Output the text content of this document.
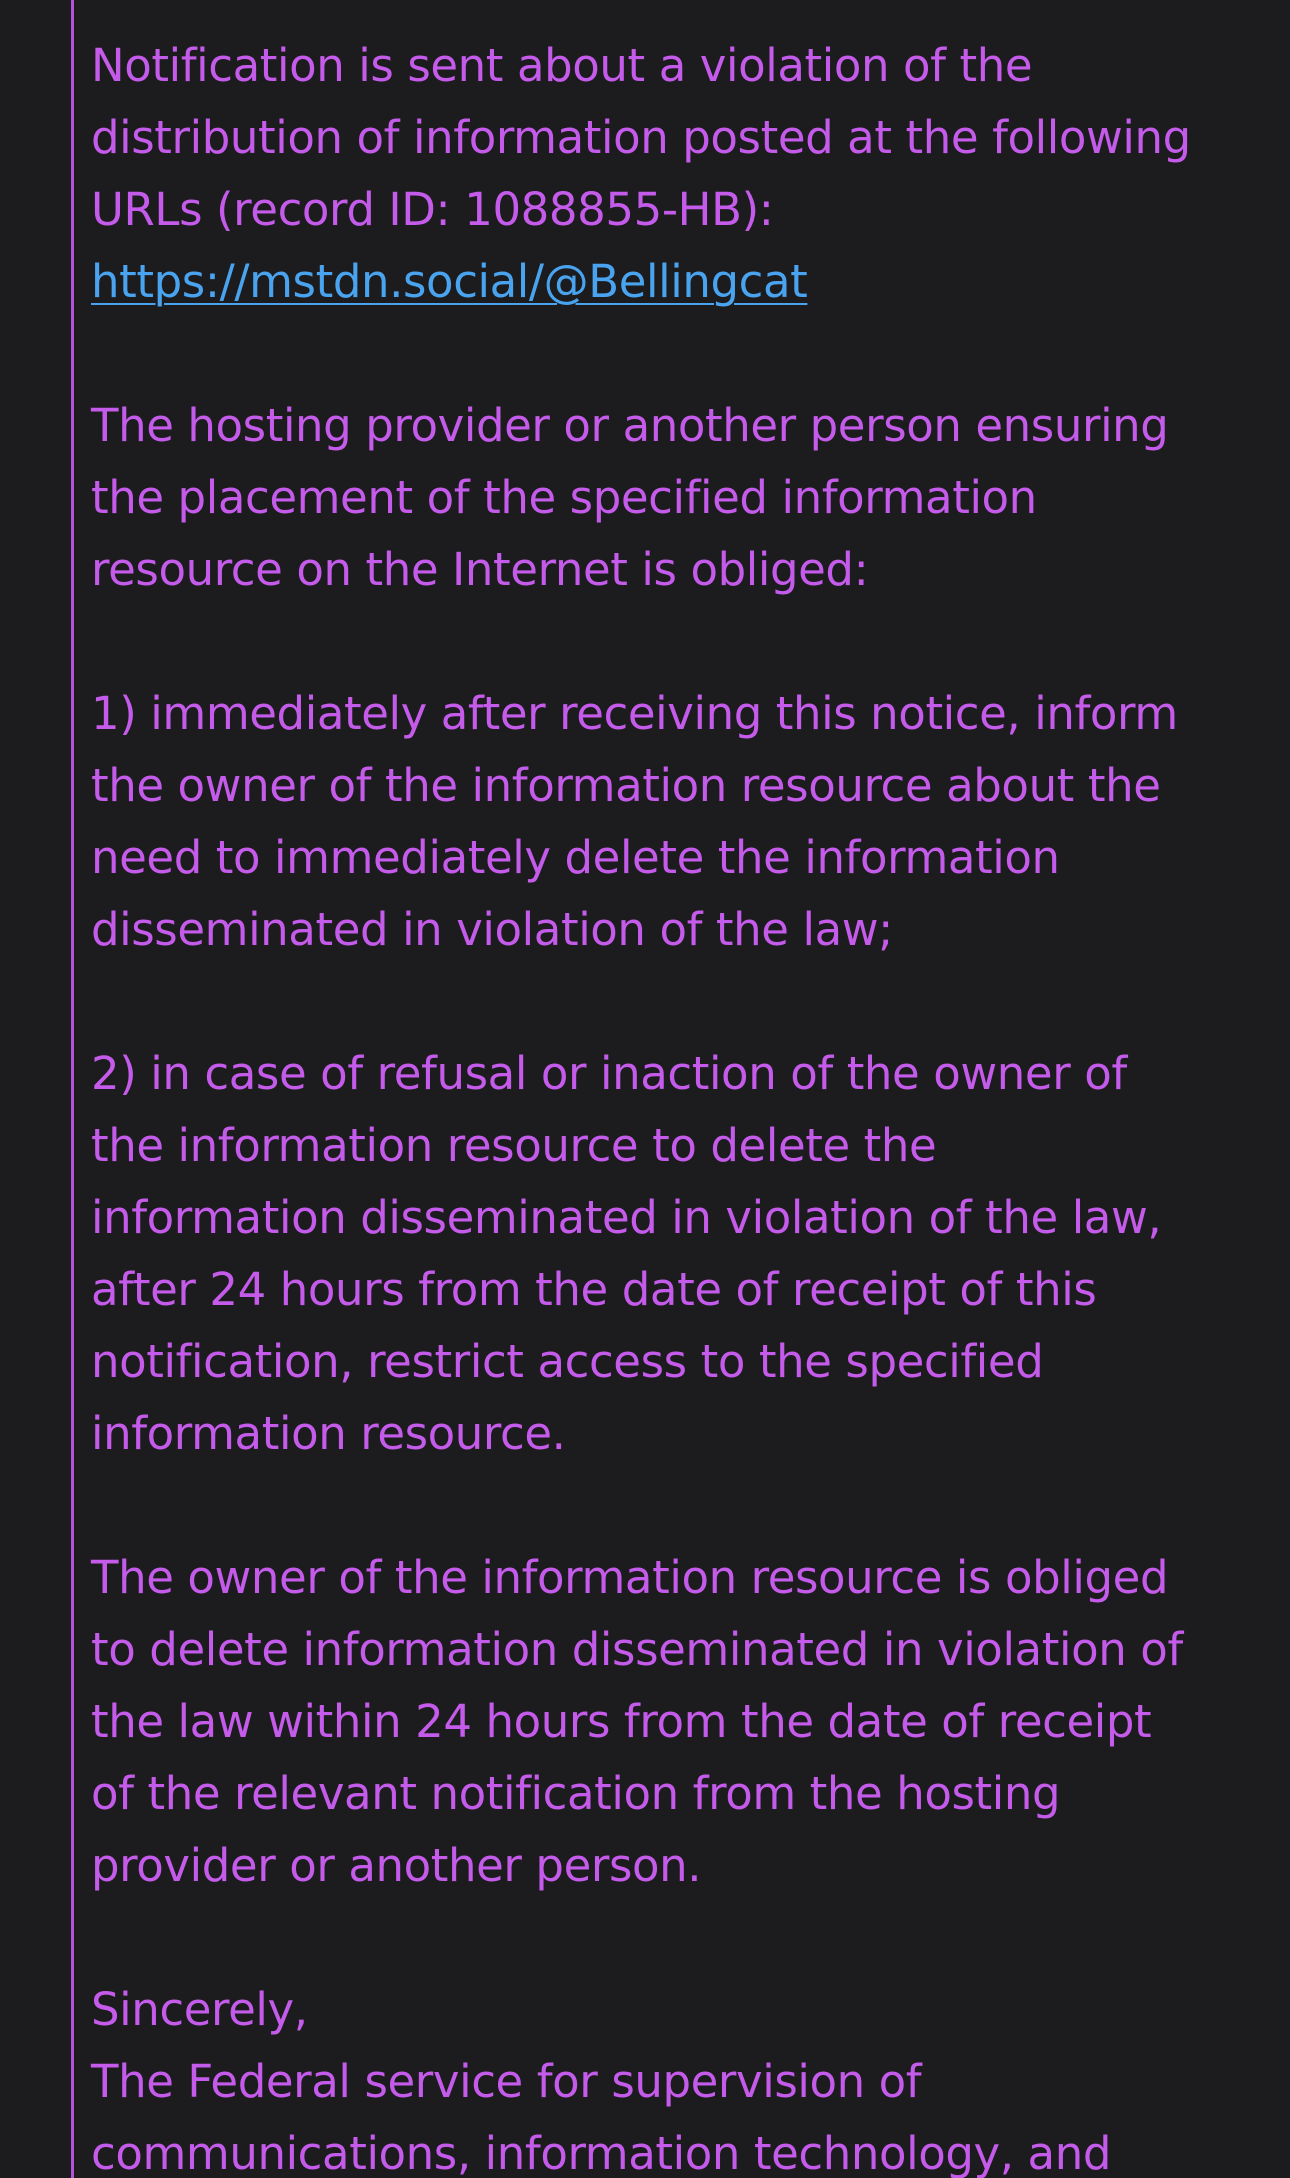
Notification is sent about a violation of the
distribution of information posted at the following
URLs (record ID: 1088855-HB):
https://mstdn.social/@Bellingcat

The hosting provider or another person ensuring
the placement of the specified information
resource on the Internet is obliged:

1) immediately after receiving this notice, inform
the owner of the information resource about the
need to immediately delete the information
disseminated in violation of the law;

2) in case of refusal or inaction of the owner of
the information resource to delete the
information disseminated in violation of the law,
after 24 hours from the date of receipt of this
notification, restrict access to the specified
information resource.

The owner of the information resource is obliged
to delete information disseminated in violation of
the law within 24 hours from the date of receipt
of the relevant notification from the hosting
provider or another person.

Sincerely,
The Federal service for supervision of
communications, information technology, and
